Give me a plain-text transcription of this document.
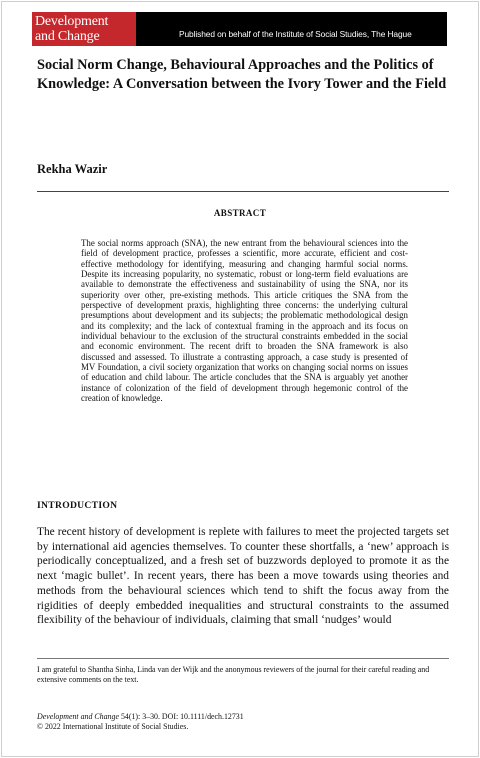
Development
and Change	Published on behalf of the Institute of Social Studies, The Hague
Social Norm Change, Behavioural Approaches and the Politics of Knowledge: A Conversation between the Ivory Tower and the Field
Rekha Wazir
ABSTRACT

The social norms approach (SNA), the new entrant from the behavioural sciences into the field of development practice, professes a scientific, more accurate, efficient and cost-effective methodology for identifying, measuring and changing harmful social norms. Despite its increasing popularity, no systematic, robust or long-term field evaluations are available to demonstrate the effectiveness and sustainability of using the SNA, nor its superiority over other, pre-existing methods. This article critiques the SNA from the perspective of development praxis, highlighting three concerns: the underlying cultural presumptions about development and its subjects; the problematic methodological design and its complexity; and the lack of contextual framing in the approach and its focus on individual behaviour to the exclusion of the structural constraints embedded in the social and economic environment. The recent drift to broaden the SNA framework is also discussed and assessed. To illustrate a contrasting approach, a case study is presented of MV Foundation, a civil society organization that works on changing social norms on issues of education and child labour. The article concludes that the SNA is arguably yet another instance of colonization of the field of development through hegemonic control of the creation of knowledge.

INTRODUCTION

The recent history of development is replete with failures to meet the projected targets set by international aid agencies themselves. To counter these shortfalls, a ‘new’ approach is periodically conceptualized, and a fresh set of buzzwords deployed to promote it as the next ‘magic bullet’. In recent years, there has been a move towards using theories and methods from the behavioural sciences which tend to shift the focus away from the rigidities of deeply embedded inequalities and structural constraints to the assumed flexibility of the behaviour of individuals, claiming that small ‘nudges’ would

I am grateful to Shantha Sinha, Linda van der Wijk and the anonymous reviewers of the journal for their careful reading and extensive comments on the text.

Development and Change 54(1): 3–30. DOI: 10.1111/dech.12731
© 2022 International Institute of Social Studies.
